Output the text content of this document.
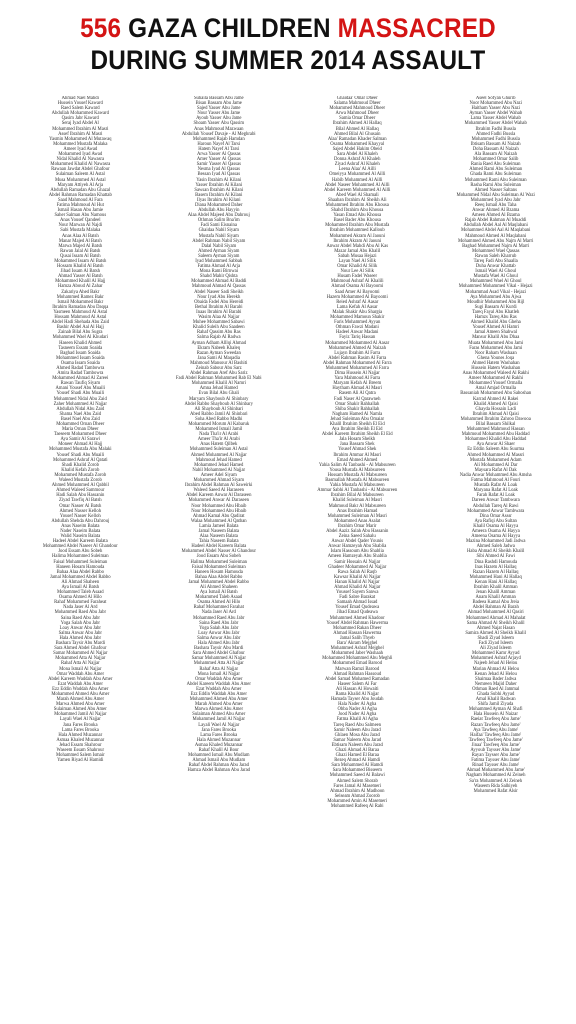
556 GAZA CHILDREN MASSACRED
DURING SUMMER 2014 ASSAULT
Ahmad Nael Mahdi
Hussein Yousef Kaward
Raed Salem Kaward
Abdullah Mohammed Kaward
Qasim Jabr Kaward
Seraj Iyad Abdel Al
Mohammed Ibrahim Al Masri
Assef Ibrahim Al Masri
Yasmin Mohammed Al Mutawaq
Mohammed Mustafa Malaka
Ameer Iyad Awad
Mohammed Iyad Awad
Nidal Khalid Al Nawasra
Mohammed Khalid Al Nawasra
Rawaan Jawdat Abdel Ghafour
Sulaiman Saleem Al Astal
Musa Mohammed Al Astal
Maryam Attiyeh Al Arja
Abdullah Ramadan Abu Ghazal
Abdel Rahman Ramadan Khattab
Saad Mahmoud Al Fara
Fatima Mahmoud Al Hut
Ismail Hasan Abu Jamie
Saher Salman Abu Namous
Anas Yousef Qandeel
Nour Marwan Al Najdi
Sabi Mustafa Malaka
Anas Alaa Al Batsh
Manar Majed Al Batsh
Marwa Majed Al Batsh
Rawan Jalal Al Batsh
Qusai Issam Al Batsh
Mohammed Issam Al Batsh
Hossam Khalid Al Batsh
Jihad Issam Al Batsh
Ahmad Yasser Al Batsh
Mohammed Khalil Al Hajj
Hamza Aboud Al Zahar
Zakariya Ahed Bakr
Mohammed Ramez Bakr
Ismail Mohammed Bakr
Ibrahim Ramadan Abu Daqqa
Yasmeen Mahmoud Al Astal
Hossam Mahmoud Al Astal
Abdel Hadi Shehada Abu Zaid
Bashir Abdel Aal Al Hajj
Zainab Bilal Abu Sugra
Mohammed Wael Al Khudari
Haseen Khalid Ahmed
Tasneem Essam Soaida
Baghad Issam Soaida
Mohammed Issam Soaida
Osama Issam Soaida
Ahmed Radad Tambowra
Amira Radad Tambowra
Mohammed Ahmad Al Zareei
Rawan Taufiq Siyam
Amani Yousef Abu Muaili
Yousef Shadi Abu Muaili
Mohammed Nidal Abu Zaid
Zaher Mohammed Al Najjar
Abdullah Nidal Abu Zaid
Shama Nael Abu Zaid
Basel Nael Abu Zaid
Mohammed Ornan Dheer
Maria Ornan Dheer
Taeseem Mohammed Dheer
Aya Samir Al Sarawi
Moneer Ahmad Al Hajj
Mohammed Mustafa Abu Malaki
Yousef Shadi Abu Muaili
Mohammed Ashraf Al Qatati
Shadi Khalid Zorob
Khalid Kefah Zorob
Mohammed Mustafa Zorob
Waleed Mustafa Zorob
Ahmed Mohammed Al Qabbil
Ahmed Waleed Sammour
Hadi Salah Abu Hassanin
Ziyad Tawfiq Al Batsh
Omar Nasser Al Batsh
Ahmed Nasser Kelloh
Yousef Nasser Kelloh
Abdullah Shehda Abu Dahrouj
Anas Naseim Balata
Nader Naseim Balata
Walid Naseim Balata
Hadeel Abdel Kareem Balata
Mohammed Abdel Naseer Al Ghandour
Jood Essam Abu Sobeh
Halima Mohammed Suleiman
Faisal Mohammed Suleiman
Haneen Hosam Hamouda
Bahaa Alaa Abdel Rabbo
Jamal Mohammed Abdel Rabbo
Ali Ahmad Shaheen
Aya Ismail Al Batsh
Mohammed Taleb Asaad
Osama Ahmed Al Hilo
Rahaf Mohammed Faraheat
Nada Jaser Al Ard
Mohammed Raed Abu Jabr
Saina Raed Abu Jabr
Yoga Salah Abu Jabr
Loay Anwar Abu Jabr
Salma Anwar Abu Jabr
Hala Ahmed Abu Jabr
Bashara Taysir Abu Mardi
Sara Ahmed Abdel Ghafour
Samar Mohammed Al Najjar
Mohammed Atta Al Najjar
Rahaf Atta Al Najjar
Mona Ismail Al Najjar
Omar Waddah Abu Amer
Abdel Kareem Waddah Abu Amer
Ezat Waddah Abu Amer
Ezz Eddin Waddah Abu Amer
Mohammed Ahmed Abu Amer
Marah Ahmed Abu Amer
Marwa Ahmed Abu Amer
Sulaiman Ahmed Abu Amer
Mohammed Jamil Al Najjar
Layali Wael Al Najjar
Jana Fares Brooka
Lama Fares Brooka
Hala Ahmed Muzannar
Asmaa Khaled Muzannar
Jehad Essam Shahrour
Waseem Essam Shahrour
Mohammed Salem Ismair
Yamen Riyad Al Hamidi
Suhaila Bassam Abu Jame
Bisan Bassam Abu Jame
Sajed Yasser Abu Jame
Nour Yasser Abu Jame
Ayoub Yasser Abu Jame
Shoam Yasser Abu Qassim
Anas Mahmoud Mazwaan
Abdullah Yousef Davaje - Al Meghrabi
Mohammed Rajab Hamdan
Haroun Nayef Al Tarsi
Hatem Nayef Al Tarsi
Arwa Yasser Al Qassas
Amer Yasser Al Qassas
Samir Yasser Al Qassas
Nesma Iyad Al Qassas
Bessan Iyad Al Qassas
Yasin Ibrahim Al Kilani
Yasser Ibrahim Al Kilani
Sawsan Ibrahim Al Kilani
Basem Ibrahim Al Kilani
Ilyas Ibrahim Al Kilani
Diana Mohammed Daher
Abdullah Abu Hayyin
Alaa Abdel Majeed Abu Dahrouj
Othman Salim Bna'im
Fadi Sami Eisnaina
Ghaidaa Nabil Siyam
Mustafa Nabil Siyam
Abdel Rahman Nabil Siyam
Dalal Nabil Siyam
Ahmed Ayman Siyam
Saleem Ayman Siyam
Iyad Mohammed Sabbah
Fatima Ahmad Al Arja
Mona Rami Birnwai
Shahd Mahir Qishta
Mohammed Ahmad Al Baddi
Mahmoud Ahmad Al Qassas
Abdel Naseer Sadi Sheikh
Nour Iyad Abu Herekh
Obaida Fadel Abu Hereidi
Bethal Ibrahim Al Barabi
Inaas Ibrahim Al Barabi
Wasim Alaa Al Najjar
Muhee Mohammed Sabawi
Khalid Suleih Abu Saadeen
Rahaf Qassim Abu Ras
Salma Rajab Al Radwa
Ayman Adham Alllqi Ahmad
Ekram Nabeeh Khaleq
Razan Ayman Sweedan
Jana Sami Al Maqadia
Mahmoud Mansour Al Bashiti
Zeinab Sabour Abu Sarz
Abdel Rahman Aref Abu Sariz
Fadi Abdel Rahman Mohammed Rab El Nabi
Mohammed Khalil Al Namri
Amna Jehad Hamed
Evan Bilal Abu Ghali
Maryam Shayboub Al Shinbary
Abdel Rabbo Shayboub Al Shinbary
Ali Shayboub Al Shinbari
Abed Rabbo Jamil Al Shinbari
Soha Abed Rabbo Madhi
Mohammed Morum Al Kabaruk
Mohammed Ismail Jamil
Nada Tha'ir Al Arabi
Ameer Tha'ir Al Arabi
Anas Hatem Qilbek
Mohammed Suleiman Al Astal
Ahmed Mohammed Al Najjar
Mahmoud Jehad Hamed
Mohammed Jehad Hamed
Nabil Mohammed Al Najjar
Ameer Adel Siyam
Mohammed Ahmad Siyam
Ibrahim Abdel Rahman Al Saweirki
Waleed Saeed Al Haraseen
Abdel Kareem Anwar Al Daraseen
Mohammed Anwar Al Daraseen
Noor Mohammed Abu Hbaib
Nour Mohammed Abu Hbaib
Ahmad Kamal Abu Qadirat
Walaa Mohammed Al Qatban
Lamia Jameel Balata
Jamal Naseem Balata
Alaa Naseem Balata
Tahia Naseem Balata
Hadeel Abdel Kareem Balata
Mohammed Abdel Nasser Al Ghandour
Jood Essam Abu Sobeh
Halima Mohammed Suleiman
Faisal Mohammed Suleiman
Haneen Hosam Hamouda
Bahaa Alaa Abdel Rabbo
Jamal Mohammed Abdel Rabbo
Ali Ahmed Shaheen
Aya Ismail Al Batsh
Mohammed Taleb Asaad
Osama Ahmed Al Hilo
Rahaf Mohammed Farahat
Nada Jaser Al Ard
Mohammed Raed Abu Jabr
Saina Raed Abu Jabr
Yoga Salah Abu Jabr
Loay Anwar Abu Jabr
Salma Anwar Abu Jabr
Hala Ahmed Abu Jabr
Bashara Taysir Abu Mardi
Sara Ahmed Abdel Ghafour
Samar Mohammed Al Najjar
Mohammed Atta Al Najjar
Rahaf Atta Al Najjar
Mona Ismail Al Najjar
Omar Waddah Abu Amer
Abdel Kareem Waddah Abu Amer
Ezat Waddah Abu Amer
Ezz Eddin Waddah Abu Amer
Mohammed Ahmed Abu Amer
Marah Ahmed Abu Amer
Marwa Ahmed Abu Amer
Sulaiman Ahmed Abu Amer
Mohammed Jamil Al Najjar
Layali Wael Al Najjar
Jana Fares Brooka
Lama Fares Brooka
Hala Ahmed Muzannar
Asmaa Khaled Muzannar
Rahaf Khalil Al Bour
Mohammed Ismail Abu Mudlam
Ahmad Ismail Abu Mudlam
Rahaf Abdel Rahman Abu Jarad
Hamza Abdel Rahman Abu Jarad
Ghaidaa' Omar Dheer
Salama Mahmoud Dheer
Mohammed Mahmoud Dheer
Arwa Mahmoud Dheer
Samia Omar Dheer
Ibrahim Ahmed Al Hallaq
Bilal Ahmed Al Hallaq
Ahmed Bilal Al Ghusain
Alaa' Ramadan Khader Salman
Osama Mohammed Khayyal
Sajed Abdel Hakim Obeid
Sara Abdel Al Khaleh
Donna Ashraf Al Khaleh
Ziyad Ashraf Al Khaleh
Leena Alaa' Al Ailli
Omeiyya Mohammed Al Ailli
Habib Mohammed Al Ailli
Abdel Naseer Mohammed Al Ailli
Abdel Kareem Mohammed Al Ailli
Abed Wael Al Shamali
Shaaban Ibrahim Al Sheikh Ali
Mohammed Ibrahim Abu Khousa
Shahd Ibrahim Abu Khousa
Yasan Emad Abu Khousa
Basel Bader Abu Khousa
Mohammed Ibrahim Abu Mustafa
Ibrahim Mohammed Kalloub
Mohammed Akram Al Jaouni
Ibrahim Akram Al Jaouni
Anwar Abdel Mahdi Abu Al Kas
Mazar Jamal Abu Khalil
Sabah Musaa Hejazi
Layan Nael Al Silik
Omar Khalid Al Silik
Nour Lee Al Silik
Husam Fadel Waseer
Mahmoud Ashraf Al Khalili
Ahmad Osama Al Bayoomi
Saad Amer Al Bayoomi
Hazem Mohammed Al Bayoomi
Reied Ashraf Al Aasar
Lama Kefah Al Aasar
Malak Shakir Abu Shargia
Mohammed Mamoun Shakir
Faris Mohammed Ayyan
Othman Fawzi Madani
Hadeel Anwar Madani
Fayiz Tariq Hassan
Mohammed Mohammed Al Aasar
Mohammed Ahmed Al Naizah
Lujayn Ibrahim Al Farra
Abdel Rahman Rasim Al Farra
Abdel Rahman Mohammed Al Farra
Mohammed Mohammed Al Farra
Dima Hussein Al Najjar
Yara Mahmoud Al Farra
Maryam Kefah Al Breem
Haytham Ahmad Al Masri
Rasem Ali Al Qatra
Fadi Naser Al Qarawneh
Omar Shakir Rahhallah
Shiba Shakir Rahhallah
Nagham Hamed Al Namla
Jehad Suleiman Abu Omaiar
Khalil Ibrahim Sheikh El Eid
Aya Ibrahim Sheikh El Eid
Abdel Kareem Ibrahim Sheikh El Eid
Jala Hosam Sheikh
Jana Bassam Shek
Yousef Ahmad Shek
Ibrahim Ammar Al Masri
Emad Ahmed Ahmed
Yahia Salim Al Tanbashi - Al Mabsureen
Yousa Mustafa Al Mabsureen
Hossam Mustafa Al Mabsureen
Basmallah Mustafa Al Mabsureen
Yahia Mustafa Al Mabsureen
Ammar Sabhi Al Tanbashi - Al Mabsureen
Ibrahim Bilal Al Mabsureen
Khalid Suleiman Al Masri
Mahmoud Bakr Al Mabsureen
Anas Ibrahim Hamad
Mohammed Suleiman Al Masri
Mohammed Anas Asalat
Ibrahim Omar Marir
Abdel Aaziz Salah Abu Hassanin
Zeina Saeed Sahalu
Anwar Abdel Qader Younis
Anwar Hamzeyah Abu Shablia
Islam Hassoum Abu Shablia
Ameen Hamzeyah Abu Shablia
Samir Hossain Al Najjar
Ghadeer Mohammed Al Najjar
Rawa Salah Al Raqb
Kawsar Khalid Al Najjar
Hanan Khalid Al Najjar
Ahmad Khalid Al Najjar
Youssef Sayem Sanwa
Fadi Sabre Barakat
Samaah Ahmad Issad
Yousef Emad Qudeawa
Jihad Emad Qudeawa
Mohammed Ahmed Khadoor
Yousef Abdel Rahman Hawerma
Mohammed Rakan Dheer
Ahmad Hassan Hawerma
Jamal Salih Thyeb
Bara' Akram Mejghel
Mohammed Ashraf Mejghel
Mohammed Jaber Washaah
Mohammed Mohammed Abu Meghli
Mohammed Emad Barood
Marwan Ramzi Barood
Ahmad Rahman Hassoud
Abdel Samad Mohamed Ramadan
Haseer Salem Al Far
Ali Hassan Al Howaiti
Rama Khalid Al Najjar
Hamada Tayser Abu Joudah
Hala Nader Al Agha
Obba Nader Al Agha
Jood Nader Al Agha
Fatma Khalil Al Agha
Tareq Raed Abu Salmeen
Samir Naleem Abu Jarad
Ghlaen Mosa Abu Jarad
Samar Naleem Abu Jarad
Ebtisam Naleem Abu Jarad
Ghazi Ahmad Al Baraa
Ghazi Hamed El Baraa
Rezeq Ahmad Al Hamdi
Sara Mohammed Al Hamdi
Sara Mohammed Bisseem
Mohammed Saeed Al Balawi
Ahmed Salem Shorab
Fares Jamal Al Masemeri
Ahmad Ibrahim Al Madhoon
Selseam Ahmad Zoorob
Mohammed Amin Al Masemeri
Mohammed Rafeeq Al Rabi
Aseel Sofyan Ghurib
Noor Mohammed Abu Nazi
Haitham Yasser Abu Nazi
Ayman Yasser Abdel Wahab
Lama Yasser Abdel Wahab
Mohammed Yasser Abdel Wahab
Ibrahim Fadhi Bussla
Ahmed Fadhi Bussla
Mohammed Fadhi Bussla
Ibtisam Bassam Al Naizah
Doha Bassam Al Naizah
Ala Bassam Al Naizah
Mohammed Omar Salib
Rania Raed Abu Suleiman
Ahmed Rami Abu Suleiman
Ghada Rami Abu Suleiman
Mohammed Rami Abu Suleiman
Rasha Rami Abu Suleiman
Ahmed Nasser Saltans
Mohammed Nidal Abu Suleiman Al Wazi
Mohammed Iyad Abu Jabr
Reeq Ismail Abu Taha
Anwar Ahmed Al Bzama
Ameen Ahmed Al Bzama
Rajab Abdel Rahman Al Muaddi
Abdullah Abdel Aal Al Maqlabani
Mohammed Abdel Aal Al Maqlabani
Mahmoud Ahmed Al Maqlabani
Mohammed Ahmed Abu Najm Al Marri
Baghad Mohammed Najm Al Marri
Mohammed Wael Qassas
Rawan Saleh Kharrub
Tareq Fadi Abu Shaalla
Duha Anwar Khattab
Ismail Wael Al Ghoul
Mustafa Wael Al Ghoul
Mohammed Wael Al Ghoul
Mohammed Mohammed Vikal - Hejazi
Mohammad Asad Vikal - Hejazi
Aya Mohammed Abu Ajwa
Moudhir Mohammed Abu Rijl
Sugi Bassam Al Kurdi
Tareq Fayal Abu Khatleh
Hamzs Tareq Abu Ras
Ahmed Khalid Abu Gheha
Yousef Ahmed Al Hamri
Jamal Ameen Shahwal
Mansur Khalil Abu Dhaa
Muata Mohammed Abu Jami
Faras Mohammed Abu Jami
Noor Raham Washaan
Ghena Younes Joqa
Ahmed Hatem Washahan
Hussein Hatem Washahan
Anas Mohammed Waleed Al Rakhi
Ameer Mohammed Al Rakhi
Mohammed Yousef Ormalla
Amal Amjad Ormalla
Bassaniah Mohammed Abu Saboshan
Karrad Ahmed Al Rakei
Khalid Ahmed Al Qaisi
Ghayda Hossain Ladi
Ibrahim Ahmad Al Qaisi
Mohammed Ibrahim Zahroo Dawooa
Bilal Bassam Shilkal
Mohammed Mahmoud Hassan
Mahmoud Mohammed Abu Haddad
Mohammed Khalid Abu Haddad
Aya Anwar Al Shaer
Ez Eddin Saleem Abu Suurma
Ahmed Mohammed Al Massri
Mustafa Mohammed Adam
Ali Mohammed Al Dar
Maysara Rafat Al Dak
Nadia Anwar Mohammed Abu Amsha
Fatma Mahmoud Al Fouri
Mustafa Rafat Al Loak
Maryana Rafat Al Loak
Farah Rafat Al Loak
Dareen Anwar Tambwara
Abdullah Tareq Al Rawi
Mohammed Anwar Tambwara
Dina Omar Asssr
Aya Rafiqi Abu Sultan
Khalil Osama Al Hayya
Ameera Osama Al Hayya
Ameena Osama Al Hayya
Mazina Mohammed Jadi Jadwa
Ahmed Saleh Jadwa
Haba Ahmad Al Sheikh Khalil
Sibi Ahmed Al Fawi
Dina Rashdi Hamouda
Inas Hazem Al Hallaq
Razan Hazem Al Hallaq
Mohammed Hani Al Hallaq
Kenan Hani Al Hallaq
Ibrahim Khalil Amman
Jenan Khalil Amman
Anam Khalil Amman
Badeea Kamal Abu Jreia
Abdel Rahman Al Barah
Ahmad Mohammed Al Qasiri
Mohammed Ahmad Al Mahalat
Sama Ahmad Al Sheikh Khalil
Ahmed Najat Hasan
Samira Ahmed Al Sheikh Khalil
Shadi Ziyad Isleem
Fadi Ziyad Isleem
Ali Ziyad Isleem
Mohammed Kamr Ayyad
Mohammed Ashraf Arjayd
Najeeb Jehad Al Helou
Marian Ahmad Al Helou
Kenan Jehad Al Helou
Shaimaa Bader Jadwa
Nemreen Majid Daher
Othman Raed Al Jammal
Ghada Subhi Ayyad
Amal Khalil Radwan
Shifa Jamil Ziyada
Mohammed Ayman Al Shafi
Hala Hussein Al Naizar
Raeiat Tawfeeq Abu Jame'
Razan Tawfeeq Abu Jame'
Aya Tawfeeq Abu Jame'
Haifaa' Tawfeeq Abu Jame'
Tawfeeq Tawfeeq Abu Jame'
Jinaa' Tawfeeq Abu Jame'
Ayyoub Taysser Abu Jame'
Rayan Taysser Abu Jame'
Fatima Taysser Abu Jame'
Rinad Taysser Abu Jame'
Ahmad Mohammed Abu Jame'
Nagham Mohammed Al Zeineh
Sa'ra Mohammed Al Zeineh
Waseem Rida Salhiyeh
Mohammed Rafat Alsir
